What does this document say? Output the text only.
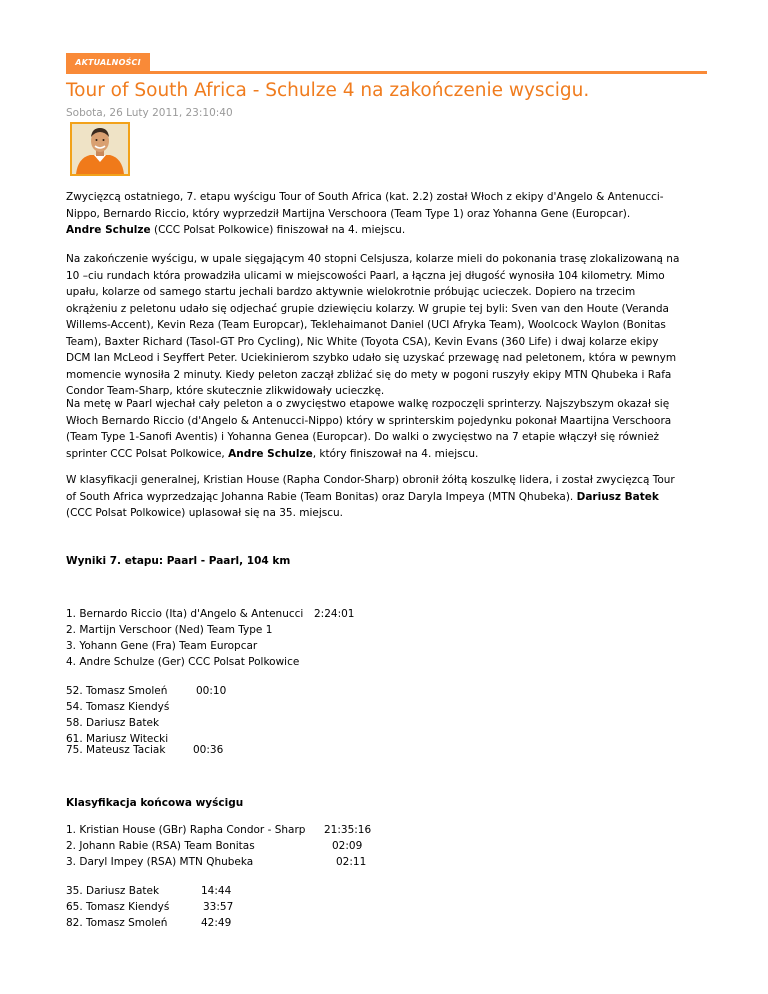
AKTUALNOŚCI
Tour of South Africa - Schulze 4 na zakończenie wyscigu.
Sobota, 26 Luty 2011, 23:10:40

Zwycięzcą ostatniego, 7. etapu wyścigu Tour of South Africa (kat. 2.2) został Włoch z ekipy d'Angelo & Antenucci-Nippo, Bernardo Riccio, który wyprzedził Martijna Verschoora (Team Type 1) oraz Yohanna Gene (Europcar).
Andre Schulze (CCC Polsat Polkowice) finiszował na 4. miejscu.

Na zakończenie wyścigu, w upale sięgającym 40 stopni Celsjusza, kolarze mieli do pokonania trasę zlokalizowaną na 10 –ciu rundach która prowadziła ulicami w miejscowości Paarl, a łączna jej długość wynosiła 104 kilometry. Mimo upału, kolarze od samego startu jechali bardzo aktywnie wielokrotnie próbując ucieczek. Dopiero na trzecim okrążeniu z peletonu udało się odjechać grupie dziewięciu kolarzy. W grupie tej byli: Sven van den Houte (Veranda Willems-Accent), Kevin Reza (Team Europcar), Teklehaimanot Daniel (UCI Afryka Team), Woolcock Waylon (Bonitas Team), Baxter Richard (Tasol-GT Pro Cycling), Nic White (Toyota CSA), Kevin Evans (360 Life) i dwaj kolarze ekipy DCM Ian McLeod i Seyffert Peter. Uciekinierom szybko udało się uzyskać przewagę nad peletonem, która w pewnym momencie wynosiła 2 minuty. Kiedy peleton zaczął zbliżać się do mety w pogoni ruszyły ekipy MTN Qhubeka i Rafa Condor Team-Sharp, które skutecznie zlikwidowały ucieczkę.

Na metę w Paarl wjechał cały peleton a o zwycięstwo etapowe walkę rozpoczęli sprinterzy. Najszybszym okazał się Włoch Bernardo Riccio (d'Angelo & Antenucci-Nippo) który w sprinterskim pojedynku pokonał Maartijna Verschoora (Team Type 1-Sanofi Aventis) i Yohanna Genea (Europcar). Do walki o zwycięstwo na 7 etapie włączył się również sprinter CCC Polsat Polkowice, Andre Schulze, który finiszował na 4. miejscu.

W klasyfikacji generalnej, Kristian House (Rapha Condor-Sharp) obronił żółtą koszulkę lidera, i został zwycięzcą Tour of South Africa wyprzedzając Johanna Rabie (Team Bonitas) oraz Daryla Impeya (MTN Qhubeka). Dariusz Batek (CCC Polsat Polkowice) uplasował się na 35. miejscu.

Wyniki 7. etapu: Paarl - Paarl, 104 km
1. Bernardo Riccio (Ita) d'Angelo & Antenucci 2:24:01
2. Martijn Verschoor (Ned) Team Type 1
3. Yohann Gene (Fra) Team Europcar
4. Andre Schulze (Ger) CCC Polsat Polkowice
52. Tomasz Smoleń	00:10
54. Tomasz Kiendyś
58. Dariusz Batek
61. Mariusz Witecki
75. Mateusz Taciak	00:36
Klasyfikacja końcowa wyścigu
1. Kristian House (GBr) Rapha Condor - Sharp 21:35:16
2. Johann Rabie (RSA) Team Bonitas	02:09
3. Daryl Impey (RSA) MTN Qhubeka	02:11
35. Dariusz Batek	14:44
65. Tomasz Kiendyś	33:57
82. Tomasz Smoleń	42:49
